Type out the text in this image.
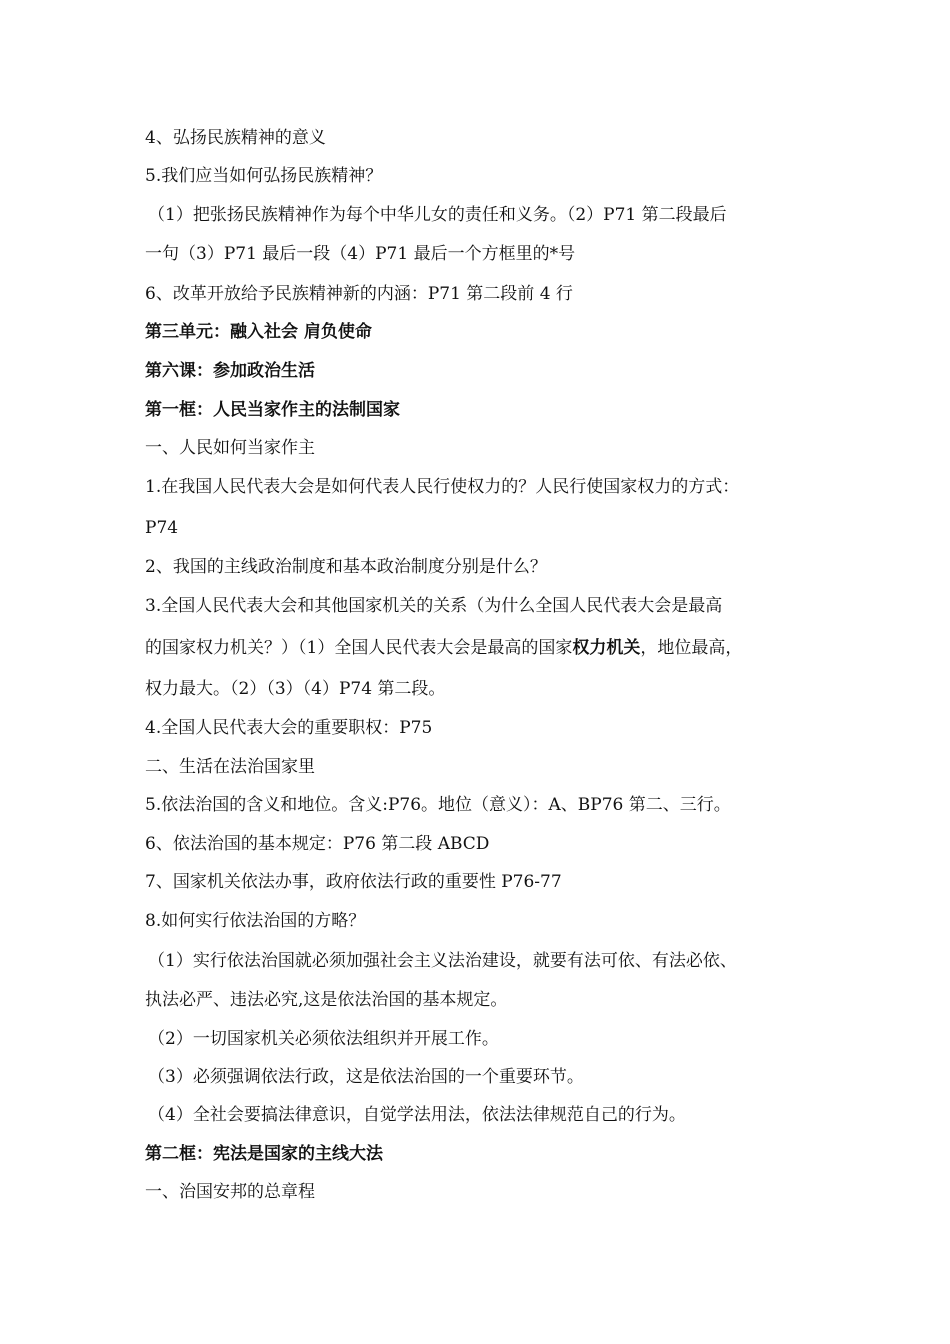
4、弘扬民族精神的意义
5.我们应当如何弘扬民族精神？
（1）把张扬民族精神作为每个中华儿女的责任和义务。（2）P71 第二段最后
一句（3）P71 最后一段（4）P71 最后一个方框里的*号
6、改革开放给予民族精神新的内涵：P71 第二段前 4 行
第三单元：融入社会 肩负使命
第六课：参加政治生活
第一框：人民当家作主的法制国家
一、人民如何当家作主
1.在我国人民代表大会是如何代表人民行使权力的？人民行使国家权力的方式：
P74
2、我国的主线政治制度和基本政治制度分别是什么？
3.全国人民代表大会和其他国家机关的关系（为什么全国人民代表大会是最高
的国家权力机关？）（1）全国人民代表大会是最高的国家权力机关，地位最高，
权力最大。（2）（3）（4）P74 第二段。
4.全国人民代表大会的重要职权：P75
二、生活在法治国家里
5.依法治国的含义和地位。含义:P76。地位（意义）：A、BP76 第二、三行。
6、依法治国的基本规定：P76 第二段 ABCD
7、国家机关依法办事，政府依法行政的重要性 P76-77
8.如何实行依法治国的方略？
（1）实行依法治国就必须加强社会主义法治建设，就要有法可依、有法必依、
执法必严、违法必究,这是依法治国的基本规定。
（2）一切国家机关必须依法组织并开展工作。
（3）必须强调依法行政，这是依法治国的一个重要环节。
（4）全社会要搞法律意识，自觉学法用法，依法法律规范自己的行为。
第二框：宪法是国家的主线大法
一、治国安邦的总章程
